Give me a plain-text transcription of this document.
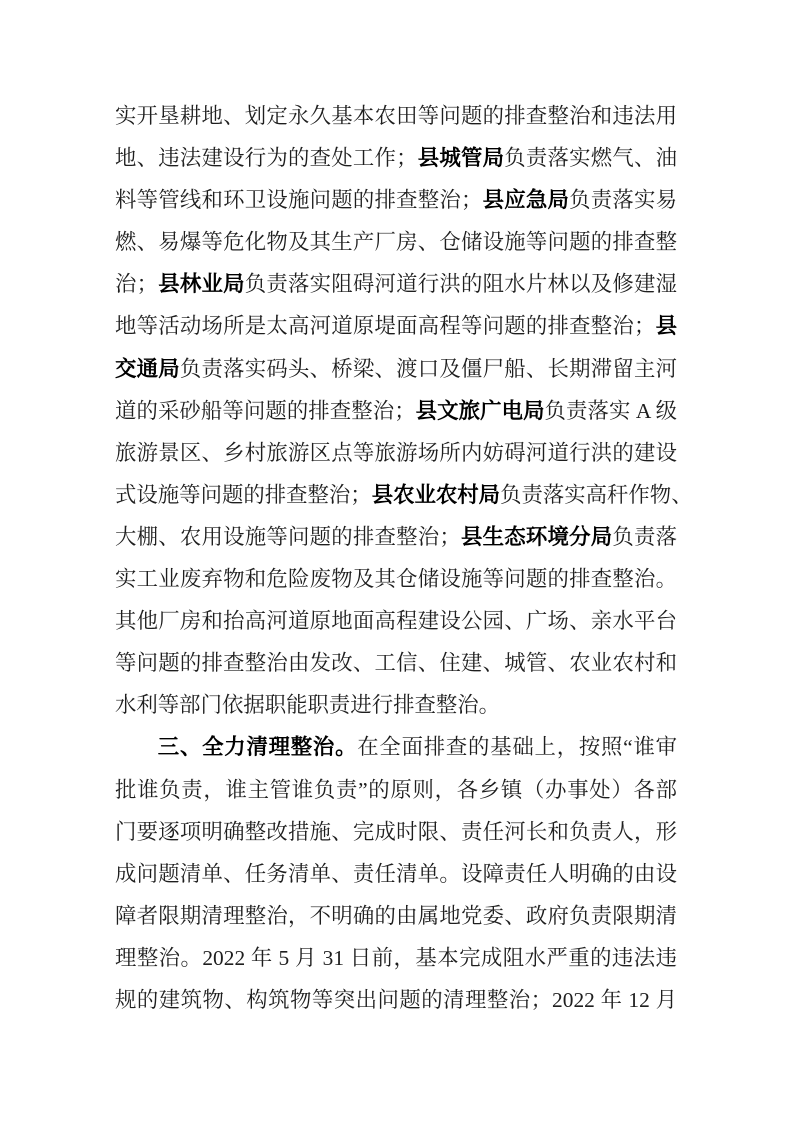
实开垦耕地、划定永久基本农田等问题的排查整治和违法用
地、违法建设行为的查处工作；县城管局负责落实燃气、油
料等管线和环卫设施问题的排查整治；县应急局负责落实易
燃、易爆等危化物及其生产厂房、仓储设施等问题的排查整
治；县林业局负责落实阻碍河道行洪的阻水片林以及修建湿
地等活动场所是太高河道原堤面高程等问题的排查整治；县
交通局负责落实码头、桥梁、渡口及僵尸船、长期滞留主河
道的采砂船等问题的排查整治；县文旅广电局负责落实 A 级
旅游景区、乡村旅游区点等旅游场所内妨碍河道行洪的建设
式设施等问题的排查整治；县农业农村局负责落实高秆作物、
大棚、农用设施等问题的排查整治；县生态环境分局负责落
实工业废弃物和危险废物及其仓储设施等问题的排查整治。
其他厂房和抬高河道原地面高程建设公园、广场、亲水平台
等问题的排查整治由发改、工信、住建、城管、农业农村和
水利等部门依据职能职责进行排查整治。
三、全力清理整治。在全面排查的基础上，按照“谁审
批谁负责，谁主管谁负责”的原则，各乡镇（办事处）各部
门要逐项明确整改措施、完成时限、责任河长和负责人，形
成问题清单、任务清单、责任清单。设障责任人明确的由设
障者限期清理整治，不明确的由属地党委、政府负责限期清
理整治。2022 年 5 月 31 日前，基本完成阻水严重的违法违
规的建筑物、构筑物等突出问题的清理整治；2022 年 12 月
